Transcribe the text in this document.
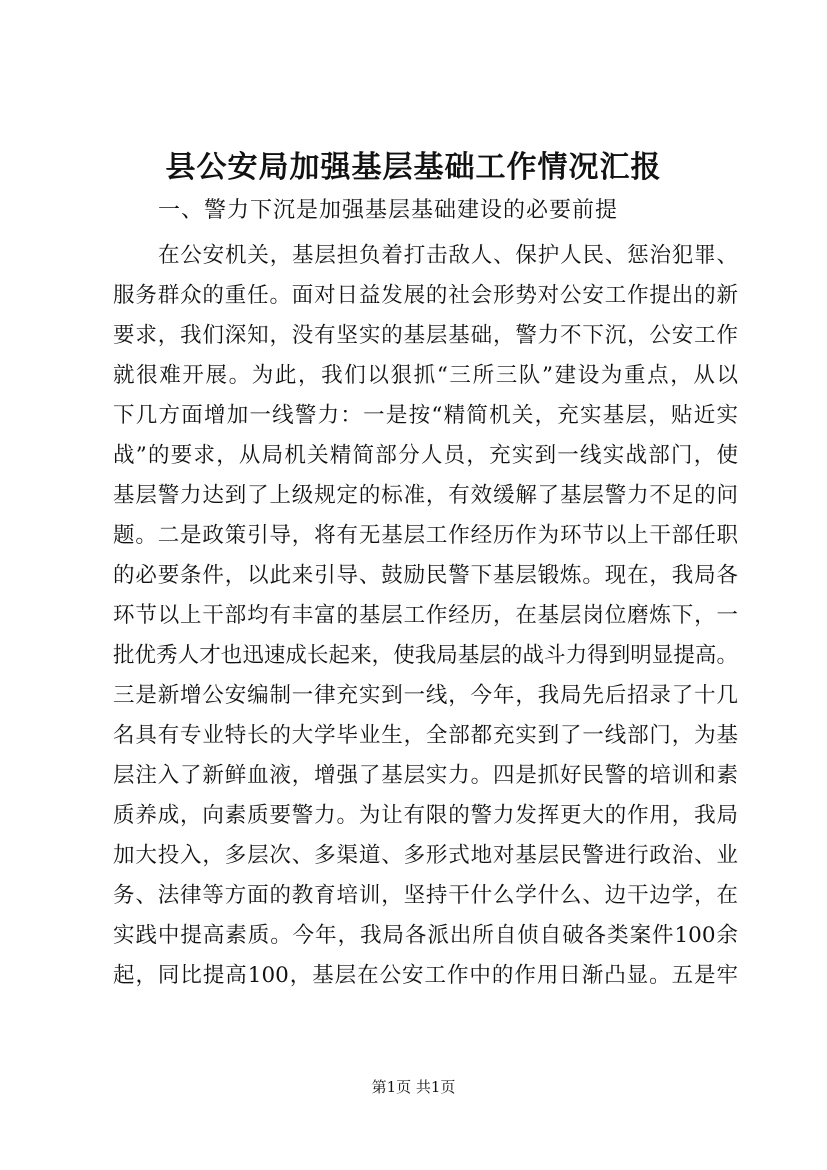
县公安局加强基层基础工作情况汇报

一、警力下沉是加强基层基础建设的必要前提

在公安机关，基层担负着打击敌人、保护人民、惩治犯罪、
服务群众的重任。面对日益发展的社会形势对公安工作提出的新
要求，我们深知，没有坚实的基层基础，警力不下沉，公安工作
就很难开展。为此，我们以狠抓“三所三队”建设为重点，从以
下几方面增加一线警力：一是按“精简机关，充实基层，贴近实
战”的要求，从局机关精简部分人员，充实到一线实战部门，使
基层警力达到了上级规定的标准，有效缓解了基层警力不足的问
题。二是政策引导，将有无基层工作经历作为环节以上干部任职
的必要条件，以此来引导、鼓励民警下基层锻炼。现在，我局各
环节以上干部均有丰富的基层工作经历，在基层岗位磨炼下，一
批优秀人才也迅速成长起来，使我局基层的战斗力得到明显提高。
三是新增公安编制一律充实到一线，今年，我局先后招录了十几
名具有专业特长的大学毕业生，全部都充实到了一线部门，为基
层注入了新鲜血液，增强了基层实力。四是抓好民警的培训和素
质养成，向素质要警力。为让有限的警力发挥更大的作用，我局
加大投入，多层次、多渠道、多形式地对基层民警进行政治、业
务、法律等方面的教育培训，坚持干什么学什么、边干边学，在
实践中提高素质。今年，我局各派出所自侦自破各类案件100余
起，同比提高100，基层在公安工作中的作用日渐凸显。五是牢
第1页 共1页
